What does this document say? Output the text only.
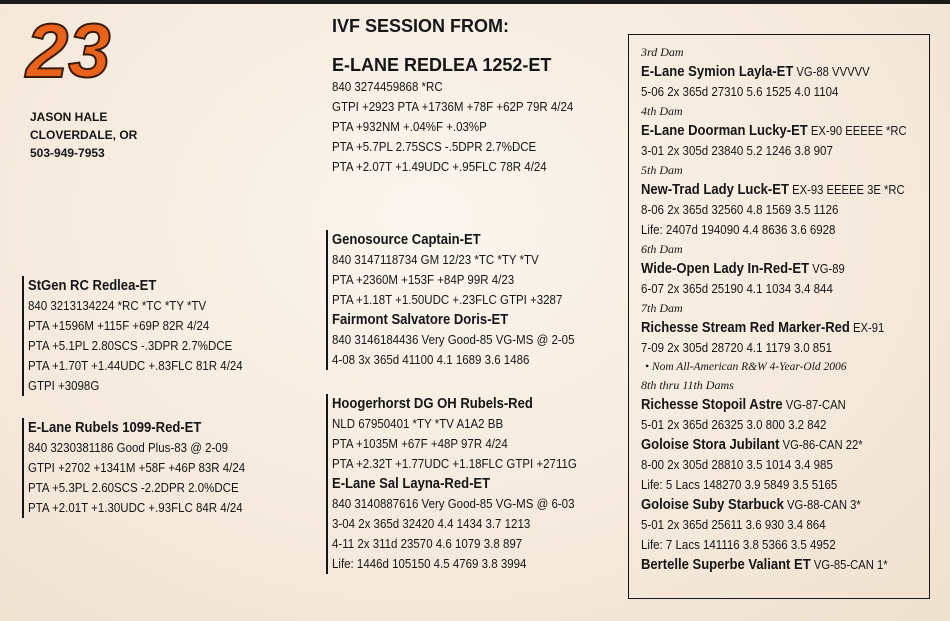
23
JASON HALE
CLOVERDALE, OR
503-949-7953
IVF SESSION FROM:
E-LANE REDLEA 1252-ET
840 3274459868 *RC
GTPI +2923 PTA +1736M +78F +62P 79R 4/24
PTA +932NM +.04%F +.03%P
PTA +5.7PL 2.75SCS -.5DPR 2.7%DCE
PTA +2.07T +1.49UDC +.95FLC 78R 4/24
StGen RC Redlea-ET
840 3213134224 *RC *TC *TY *TV
PTA +1596M +115F +69P 82R 4/24
PTA +5.1PL 2.80SCS -.3DPR 2.7%DCE
PTA +1.70T +1.44UDC +.83FLC 81R 4/24
GTPI +3098G
E-Lane Rubels 1099-Red-ET
840 3230381186 Good Plus-83 @ 2-09
GTPI +2702 +1341M +58F +46P 83R 4/24
PTA +5.3PL 2.60SCS -2.2DPR 2.0%DCE
PTA +2.01T +1.30UDC +.93FLC 84R 4/24
Genosource Captain-ET
840 3147118734 GM 12/23 *TC *TY *TV
PTA +2360M +153F +84P 99R 4/23
PTA +1.18T +1.50UDC +.23FLC GTPI +3287
Fairmont Salvatore Doris-ET
840 3146184436 Very Good-85 VG-MS @ 2-05
4-08 3x 365d 41100 4.1 1689 3.6 1486
Hoogerhorst DG OH Rubels-Red
NLD 67950401 *TY *TV A1A2 BB
PTA +1035M +67F +48P 97R 4/24
PTA +2.32T +1.77UDC +1.18FLC GTPI +2711G
E-Lane Sal Layna-Red-ET
840 3140887616 Very Good-85 VG-MS @ 6-03
3-04 2x 365d 32420 4.4 1434 3.7 1213
4-11 2x 311d 23570 4.6 1079 3.8 897
Life: 1446d 105150 4.5 4769 3.8 3994
3rd Dam
E-Lane Symion Layla-ET VG-88 VVVVV
5-06 2x 365d 27310 5.6 1525 4.0 1104
4th Dam
E-Lane Doorman Lucky-ET EX-90 EEEEE *RC
3-01 2x 305d 23840 5.2 1246 3.8 907
5th Dam
New-Trad Lady Luck-ET EX-93 EEEEE 3E *RC
8-06 2x 365d 32560 4.8 1569 3.5 1126
Life: 2407d 194090 4.4 8636 3.6 6928
6th Dam
Wide-Open Lady In-Red-ET VG-89
6-07 2x 365d 25190 4.1 1034 3.4 844
7th Dam
Richesse Stream Red Marker-Red EX-91
7-09 2x 305d 28720 4.1 1179 3.0 851
• Nom All-American R&W 4-Year-Old 2006
8th thru 11th Dams
Richesse Stopoil Astre VG-87-CAN
5-01 2x 365d 26325 3.0 800 3.2 842
Goloise Stora Jubilant VG-86-CAN 22*
8-00 2x 305d 28810 3.5 1014 3.4 985
Life: 5 Lacs 148270 3.9 5849 3.5 5165
Goloise Suby Starbuck VG-88-CAN 3*
5-01 2x 365d 25611 3.6 930 3.4 864
Life: 7 Lacs 141116 3.8 5366 3.5 4952
Bertelle Superbe Valiant ET VG-85-CAN 1*
